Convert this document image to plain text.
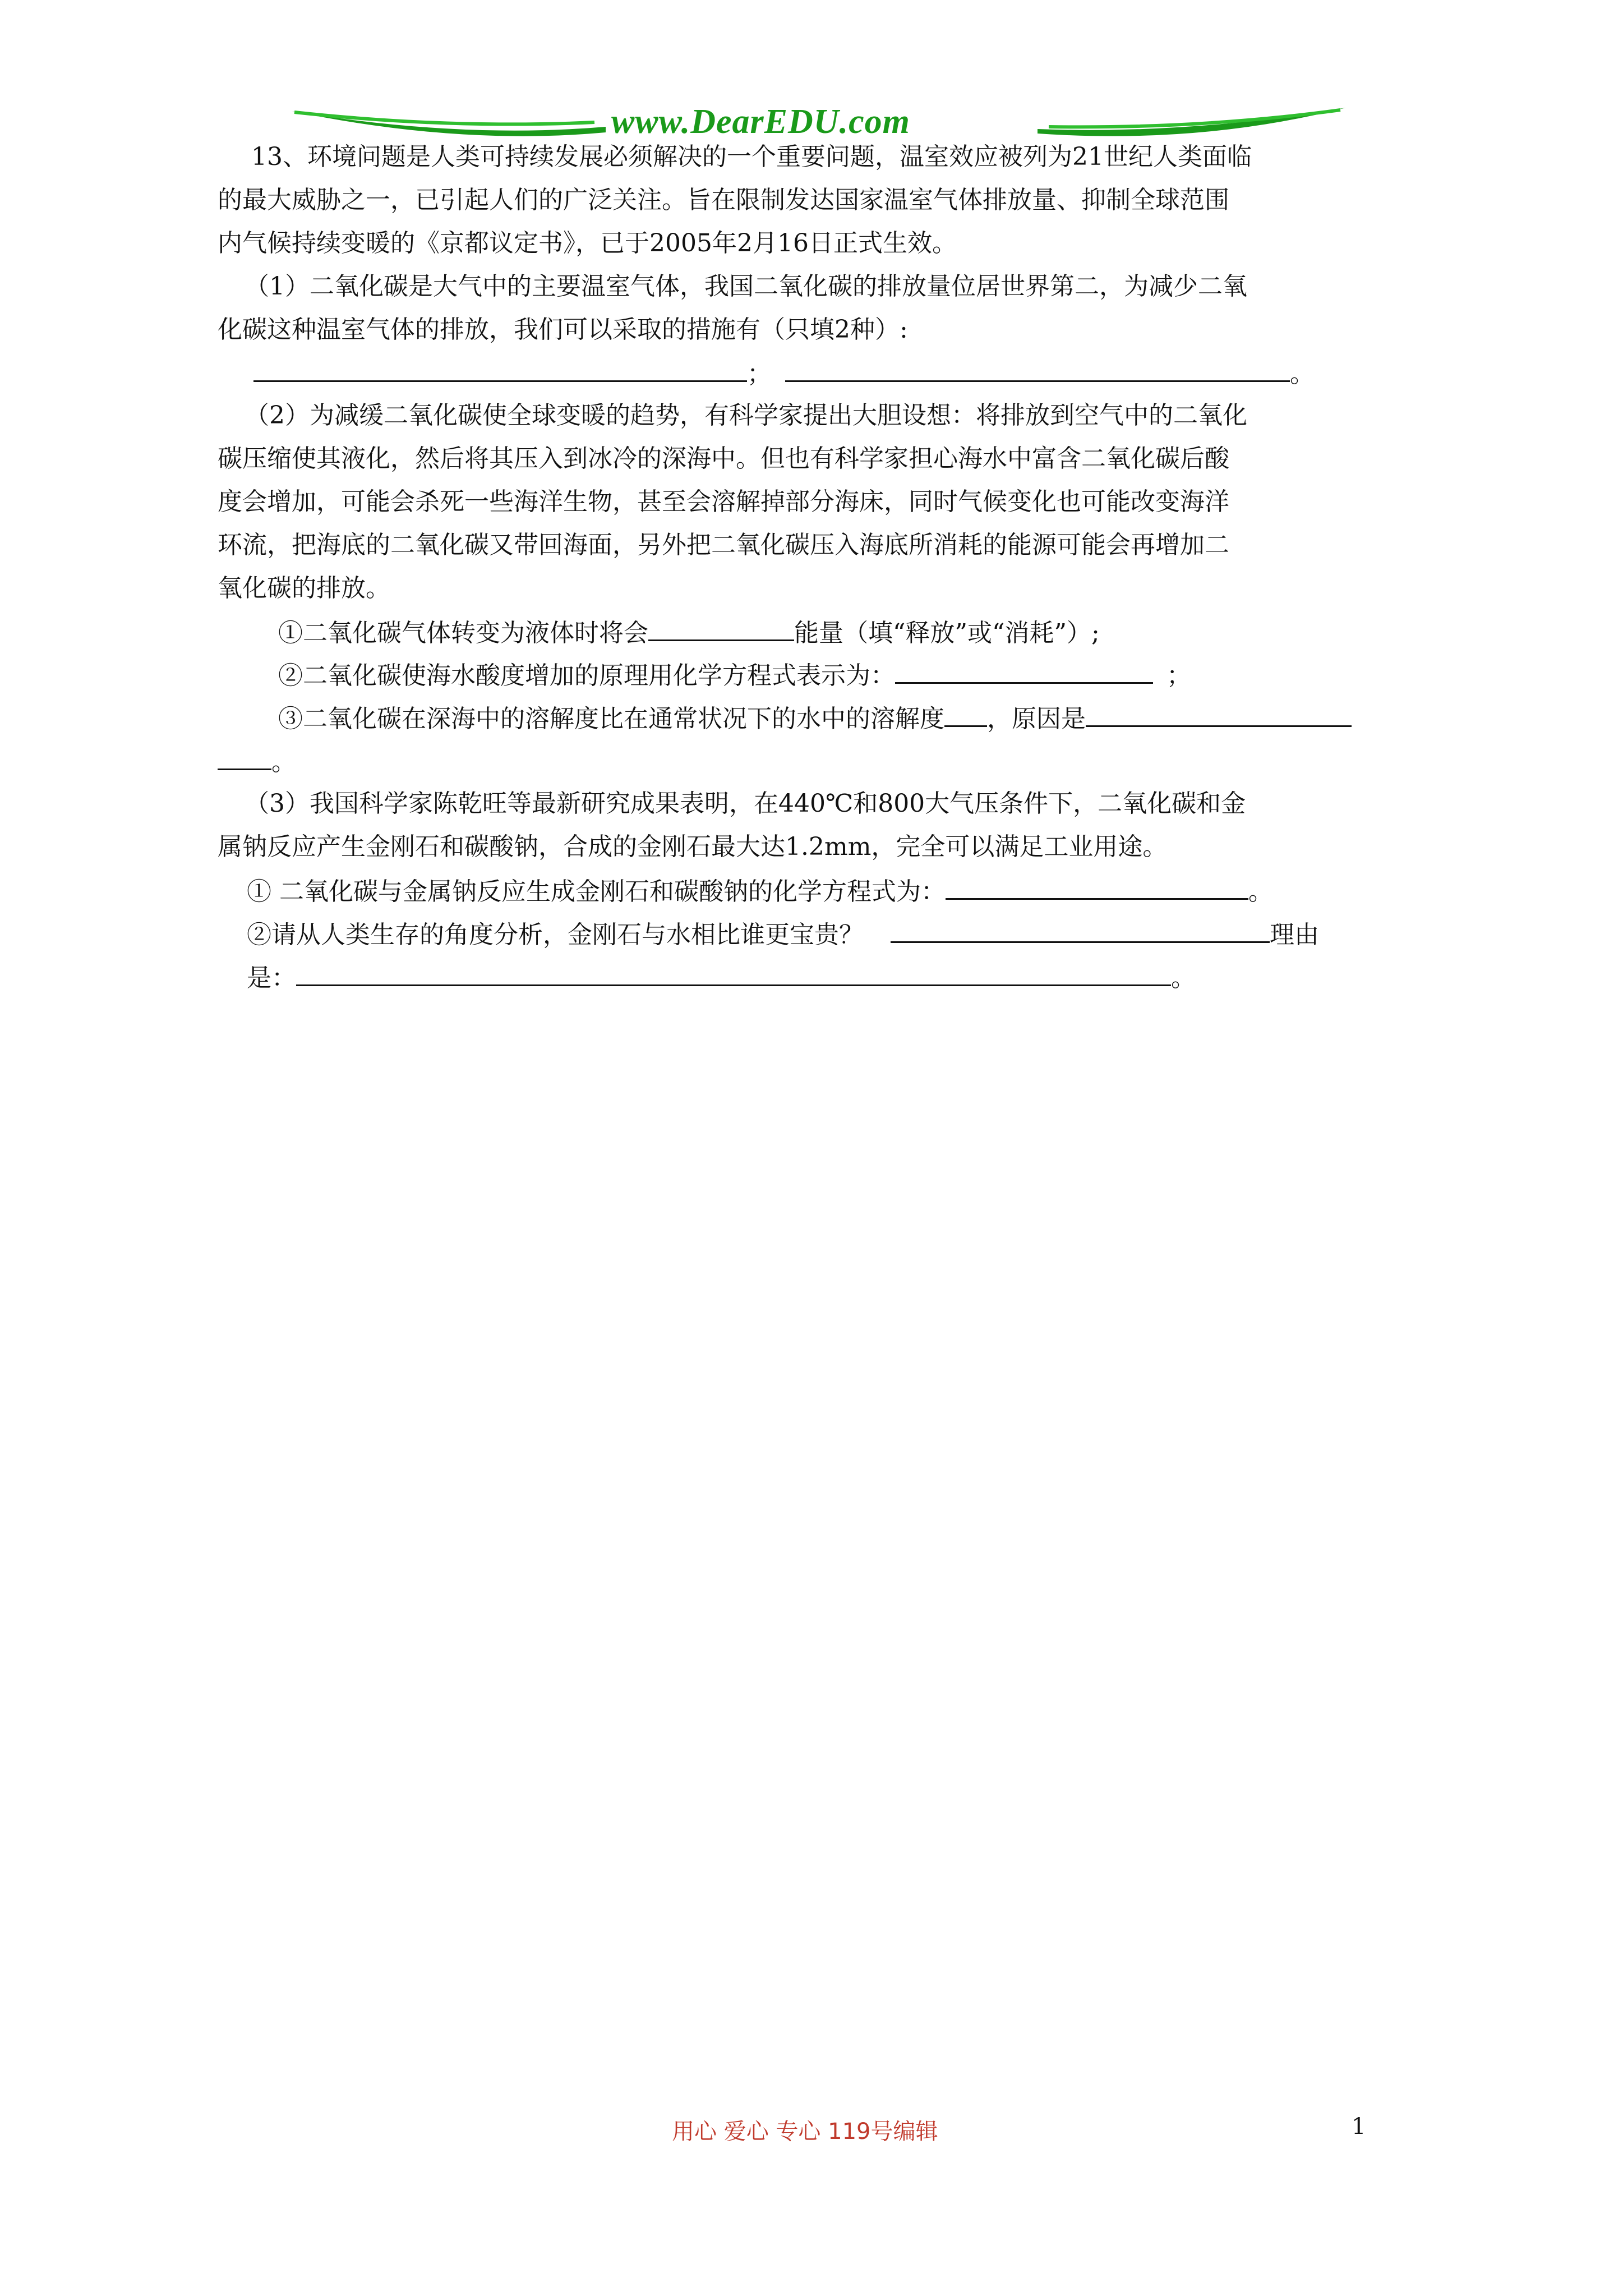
www.DearEDU.com
13、环境问题是人类可持续发展必须解决的一个重要问题，温室效应被列为21世纪人类面临
的最大威胁之一，已引起人们的广泛关注。旨在限制发达国家温室气体排放量、抑制全球范围
内气候持续变暖的《京都议定书》，已于2005年2月16日正式生效。
（1）二氧化碳是大气中的主要温室气体，我国二氧化碳的排放量位居世界第二，为减少二氧
化碳这种温室气体的排放，我们可以采取的措施有（只填2种）:
；	。
（2）为减缓二氧化碳使全球变暖的趋势，有科学家提出大胆设想：将排放到空气中的二氧化
碳压缩使其液化，然后将其压入到冰冷的深海中。但也有科学家担心海水中富含二氧化碳后酸
度会增加，可能会杀死一些海洋生物，甚至会溶解掉部分海床，同时气候变化也可能改变海洋
环流，把海底的二氧化碳又带回海面，另外把二氧化碳压入海底所消耗的能源可能会再增加二
氧化碳的排放。
①二氧化碳气体转变为液体时将会	能量（填“释放”或“消耗”）;
②二氧化碳使海水酸度增加的原理用化学方程式表示为：	；
③二氧化碳在深海中的溶解度比在通常状况下的水中的溶解度 ，原因是
。
（3）我国科学家陈乾旺等最新研究成果表明，在440℃和800大气压条件下，二氧化碳和金
属钠反应产生金刚石和碳酸钠，合成的金刚石最大达1.2mm，完全可以满足工业用途。
① 二氧化碳与金属钠反应生成金刚石和碳酸钠的化学方程式为：	。
②请从人类生存的角度分析，金刚石与水相比谁更宝贵？	理由
是：	。
用心 爱心 专心 119号编辑	1
